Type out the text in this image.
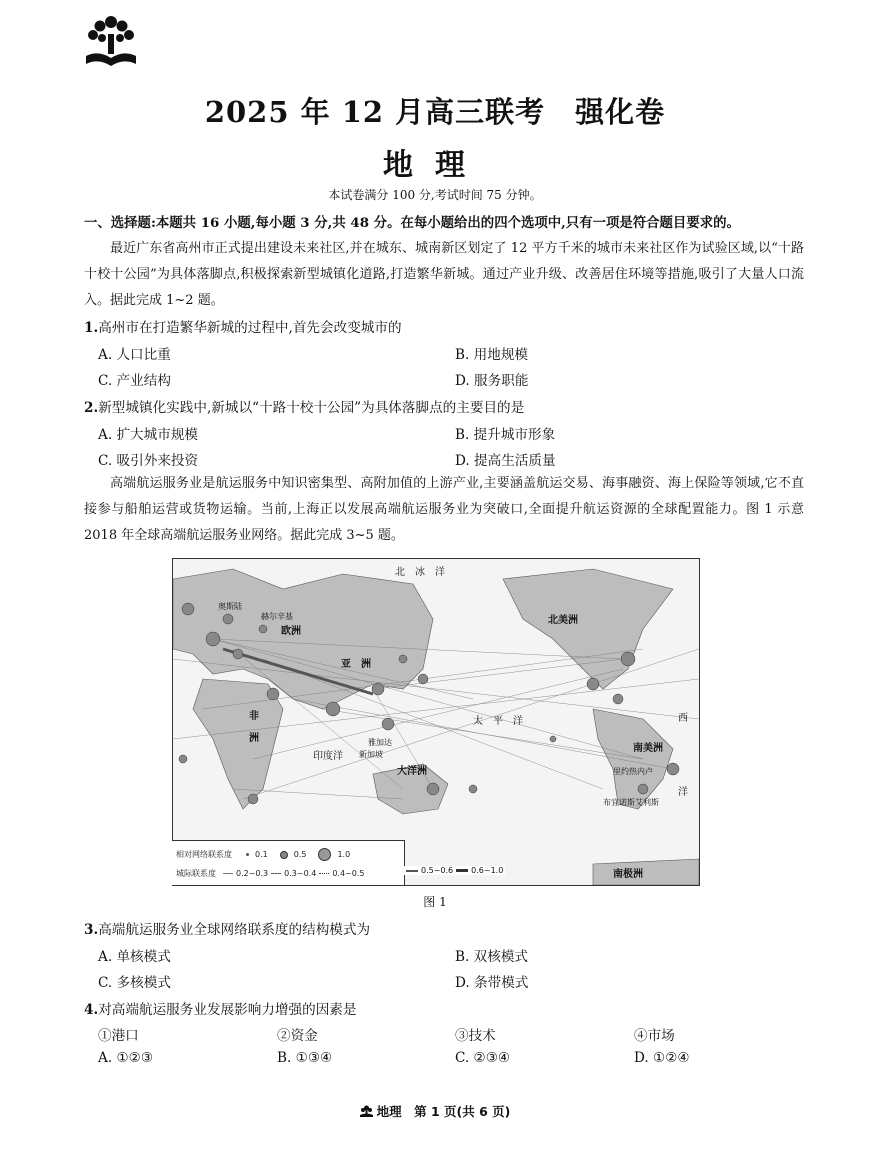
2025 年 12 月高三联考　强化卷
地理
本试卷满分 100 分,考试时间 75 分钟。
一、选择题:本题共 16 小题,每小题 3 分,共 48 分。在每小题给出的四个选项中,只有一项是符合题目要求的。
最近广东省高州市正式提出建设未来社区,并在城东、城南新区划定了 12 平方千米的城市未来社区作为试验区域,以“十路十校十公园”为具体落脚点,积极探索新型城镇化道路,打造繁华新城。通过产业升级、改善居住环境等措施,吸引了大量人口流入。据此完成 1~2 题。
1.高州市在打造繁华新城的过程中,首先会改变城市的
A. 人口比重	B. 用地规模
C. 产业结构	D. 服务职能
2.新型城镇化实践中,新城以“十路十校十公园”为具体落脚点的主要目的是
A. 扩大城市规模	B. 提升城市形象
C. 吸引外来投资	D. 提高生活质量
高端航运服务业是航运服务中知识密集型、高附加值的上游产业,主要涵盖航运交易、海事融资、海上保险等领域,它不直接参与船舶运营或货物运输。当前,上海正以发展高端航运服务业为突破口,全面提升航运资源的全球配置能力。图 1 示意 2018 年全球高端航运服务业网络。据此完成 3~5 题。
北　冰　洋
北美洲
欧洲
亚　洲
非
洲
印度洋
太　平　洋
大洋洲
南美洲
洋
西
南极洲
奥斯陆
赫尔辛基
新加坡
雅加达
里约热内卢
布宜诺斯艾利斯
相对网络联系度	0.1	0.5	1.0
城际联系度	0.2~0.3 0.3~0.4 0.4~0.5	0.5~0.6 0.6~1.0
图 1
3.高端航运服务业全球网络联系度的结构模式为
A. 单核模式	B. 双核模式
C. 多核模式	D. 条带模式
4.对高端航运服务业发展影响力增强的因素是
①港口	②资金	③技术	④市场
A. ①②③	B. ①③④	C. ②③④	D. ①②④
地理　第 1 页(共 6 页)
